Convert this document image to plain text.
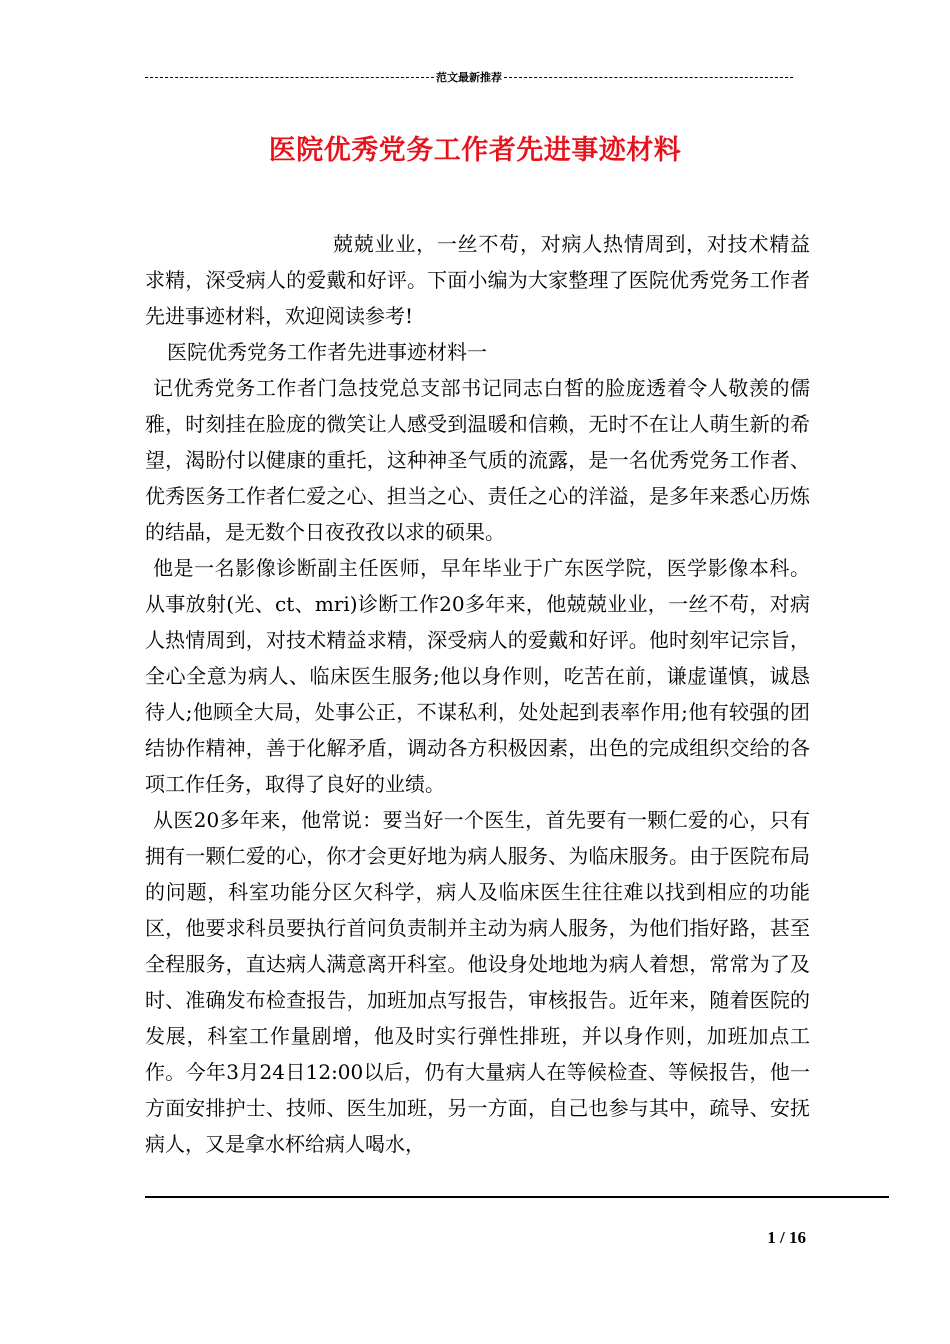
范文最新推荐
医院优秀党务工作者先进事迹材料

兢兢业业，一丝不苟，对病人热情周到，对技术精益求精，深受病人的爱戴和好评。下面小编为大家整理了医院优秀党务工作者先进事迹材料，欢迎阅读参考!

医院优秀党务工作者先进事迹材料一

记优秀党务工作者门急技党总支部书记同志白皙的脸庞透着令人敬羡的儒雅，时刻挂在脸庞的微笑让人感受到温暖和信赖，无时不在让人萌生新的希望，渴盼付以健康的重托，这种神圣气质的流露，是一名优秀党务工作者、优秀医务工作者仁爱之心、担当之心、责任之心的洋溢，是多年来悉心历炼的结晶，是无数个日夜孜孜以求的硕果。

他是一名影像诊断副主任医师，早年毕业于广东医学院，医学影像本科。从事放射(光、ct、mri)诊断工作20多年来，他兢兢业业，一丝不苟，对病人热情周到，对技术精益求精，深受病人的爱戴和好评。他时刻牢记宗旨，全心全意为病人、临床医生服务;他以身作则，吃苦在前，谦虚谨慎，诚恳待人;他顾全大局，处事公正，不谋私利，处处起到表率作用;他有较强的团结协作精神，善于化解矛盾，调动各方积极因素，出色的完成组织交给的各项工作任务，取得了良好的业绩。

从医20多年来，他常说：要当好一个医生，首先要有一颗仁爱的心，只有拥有一颗仁爱的心，你才会更好地为病人服务、为临床服务。由于医院布局的问题，科室功能分区欠科学，病人及临床医生往往难以找到相应的功能区，他要求科员要执行首问负责制并主动为病人服务，为他们指好路，甚至全程服务，直达病人满意离开科室。他设身处地地为病人着想，常常为了及时、准确发布检查报告，加班加点写报告，审核报告。近年来，随着医院的发展，科室工作量剧增，他及时实行弹性排班，并以身作则，加班加点工作。今年3月24日12:00以后，仍有大量病人在等候检查、等候报告，他一方面安排护士、技师、医生加班，另一方面，自己也参与其中，疏导、安抚病人，又是拿水杯给病人喝水，

1 / 16
